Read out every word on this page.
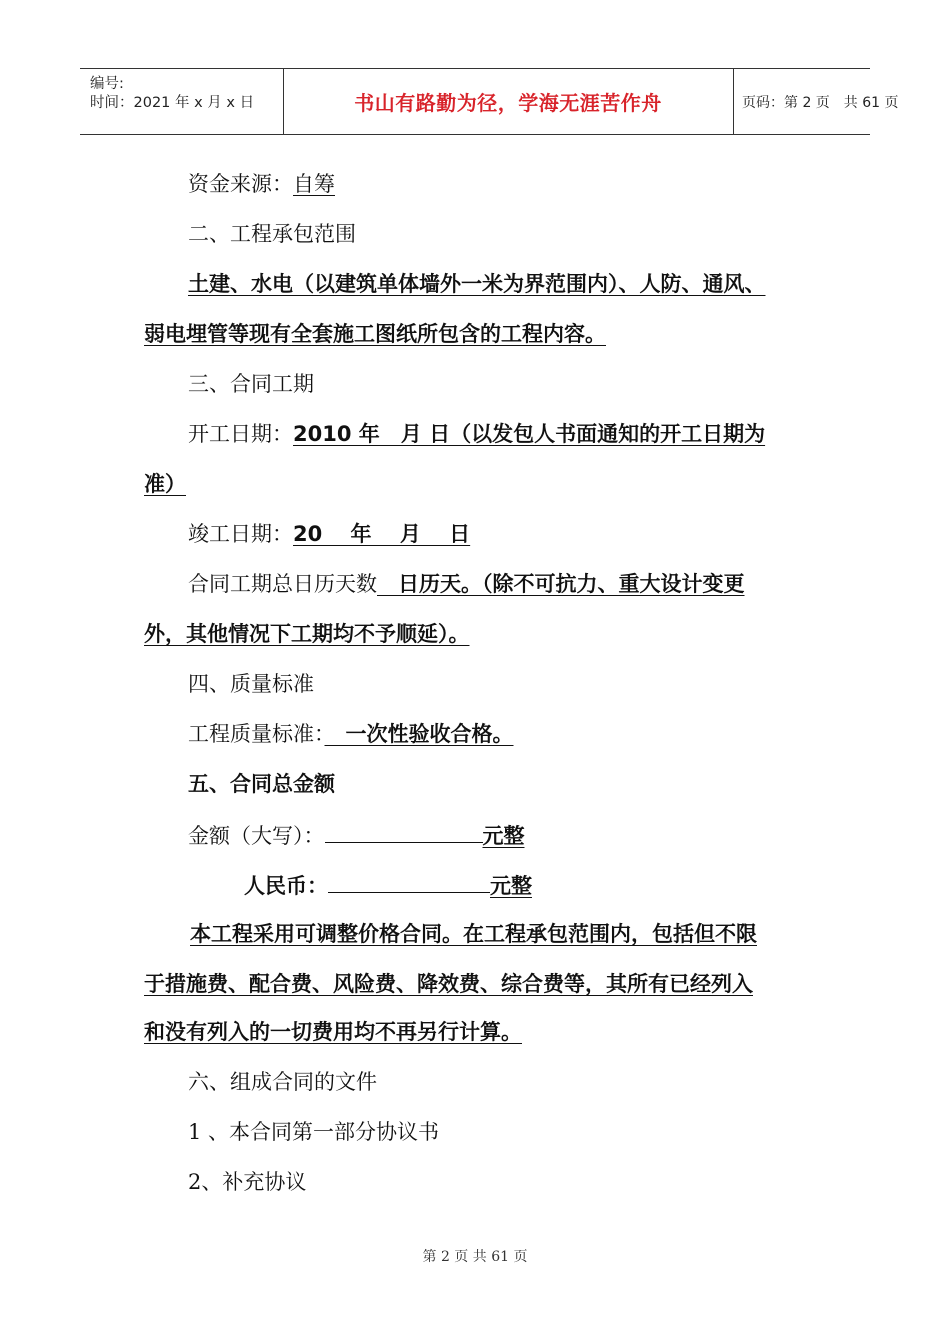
编号:
时间：2021 年 x 月 x 日	书山有路勤为径，学海无涯苦作舟	页码：第 2 页　共 61 页
资金来源：自筹
二、工程承包范围
土建、水电（以建筑单体墙外一米为界范围内）、人防、通风、
弱电埋管等现有全套施工图纸所包含的工程内容。
三、合同工期
开工日期：2010 年　月 日（以发包人书面通知的开工日期为
准）
竣工日期：20　 年　 月　 日
合同工期总日历天数　日历天。（除不可抗力、重大设计变更
外，其他情况下工期均不予顺延）。
四、质量标准
工程质量标准：　一次性验收合格。
五、合同总金额
金额（大写）：	元整
人民币：	元整
本工程采用可调整价格合同。在工程承包范围内，包括但不限
于措施费、配合费、风险费、降效费、综合费等，其所有已经列入
和没有列入的一切费用均不再另行计算。
六、组成合同的文件
1 、本合同第一部分协议书
2、补充协议
第 2 页 共 61 页
